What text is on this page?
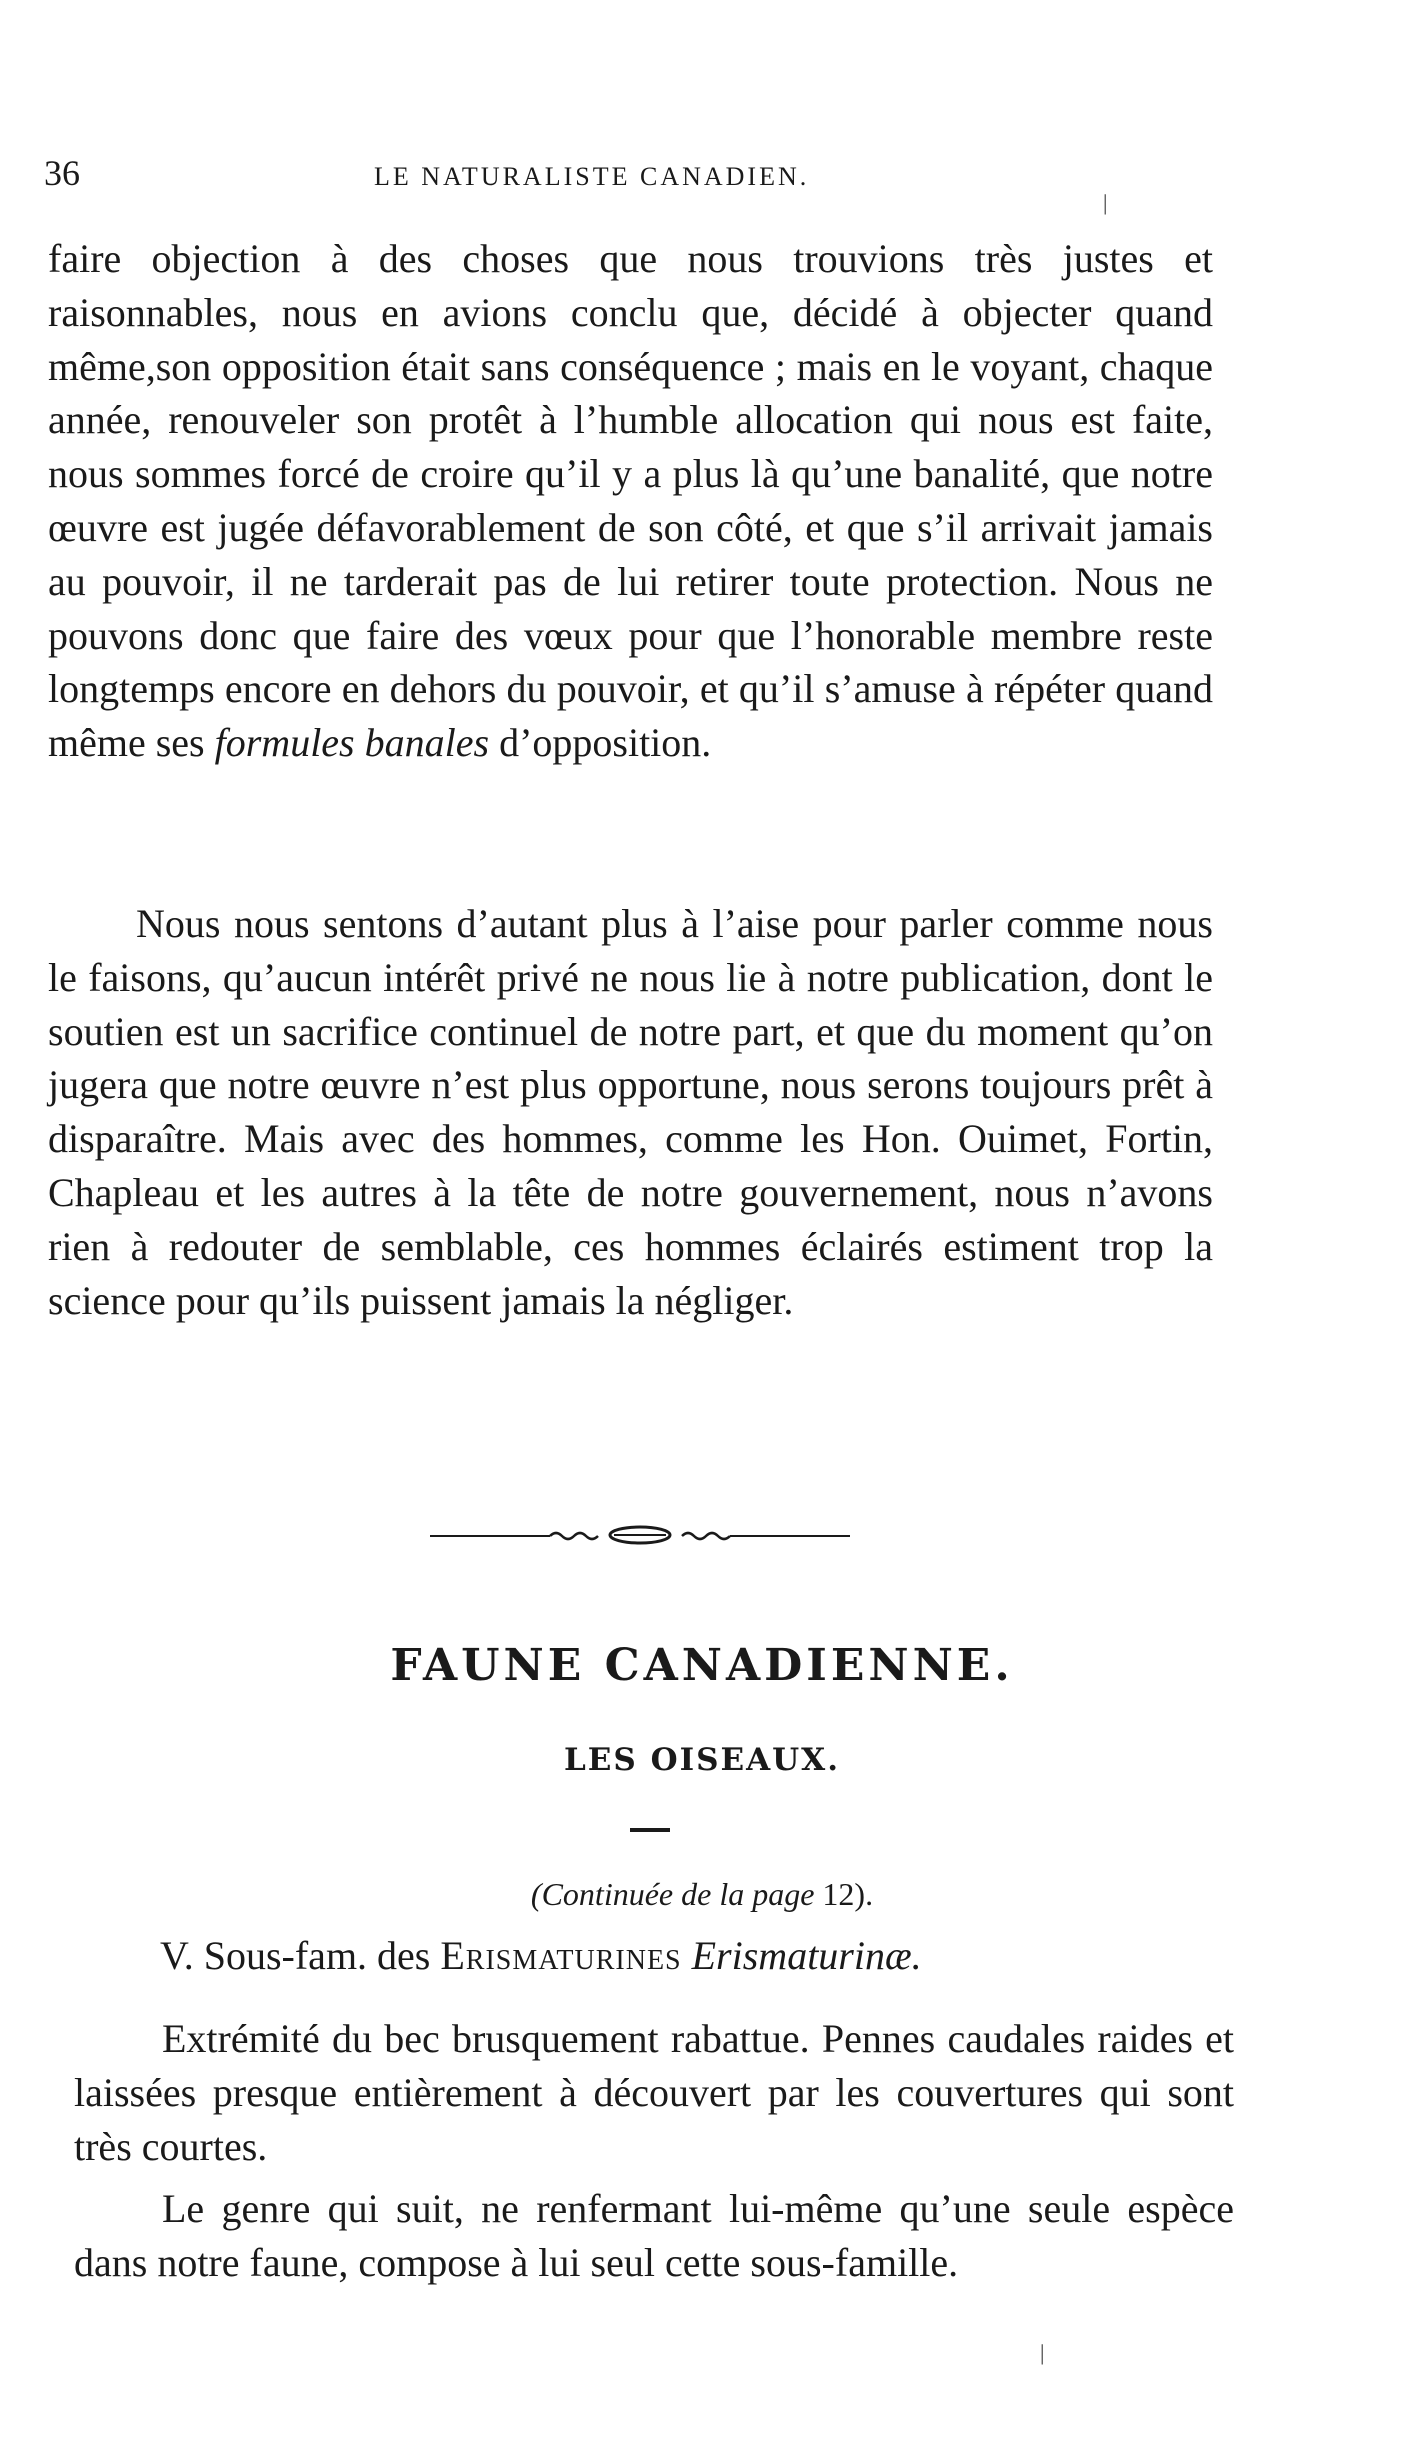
36	LE NATURALISTE CANADIEN.

faire objection à des choses que nous trouvions très justes et raisonnables, nous en avions conclu que, décidé à objecter quand même,son opposition était sans conséquence ; mais en le voyant, chaque année, renouveler son protêt à l’humble allocation qui nous est faite, nous sommes forcé de croire qu’il y a plus là qu’une banalité, que notre œuvre est jugée défavorablement de son côté, et que s’il arrivait jamais au pouvoir, il ne tarderait pas de lui retirer toute protection. Nous ne pouvons donc que faire des vœux pour que l’honorable membre reste longtemps encore en dehors du pouvoir, et qu’il s’amuse à répéter quand même ses formules banales d’opposition.

Nous nous sentons d’autant plus à l’aise pour parler comme nous le faisons, qu’aucun intérêt privé ne nous lie à notre publication, dont le soutien est un sacrifice continuel de notre part, et que du moment qu’on jugera que notre œuvre n’est plus opportune, nous serons toujours prêt à disparaître. Mais avec des hommes, comme les Hon. Ouimet, Fortin, Chapleau et les autres à la tête de notre gouvernement, nous n’avons rien à redouter de semblable, ces hommes éclairés estiment trop la science pour qu’ils puissent jamais la négliger.

FAUNE CANADIENNE.
LES OISEAUX.
(Continuée de la page 12).
V. Sous-fam. des Erismaturines Erismaturinæ.

Extrémité du bec brusquement rabattue. Pennes caudales raides et laissées presque entièrement à découvert par les couvertures qui sont très courtes.

Le genre qui suit, ne renfermant lui-même qu’une seule espèce dans notre faune, compose à lui seul cette sous-famille.

|
|
